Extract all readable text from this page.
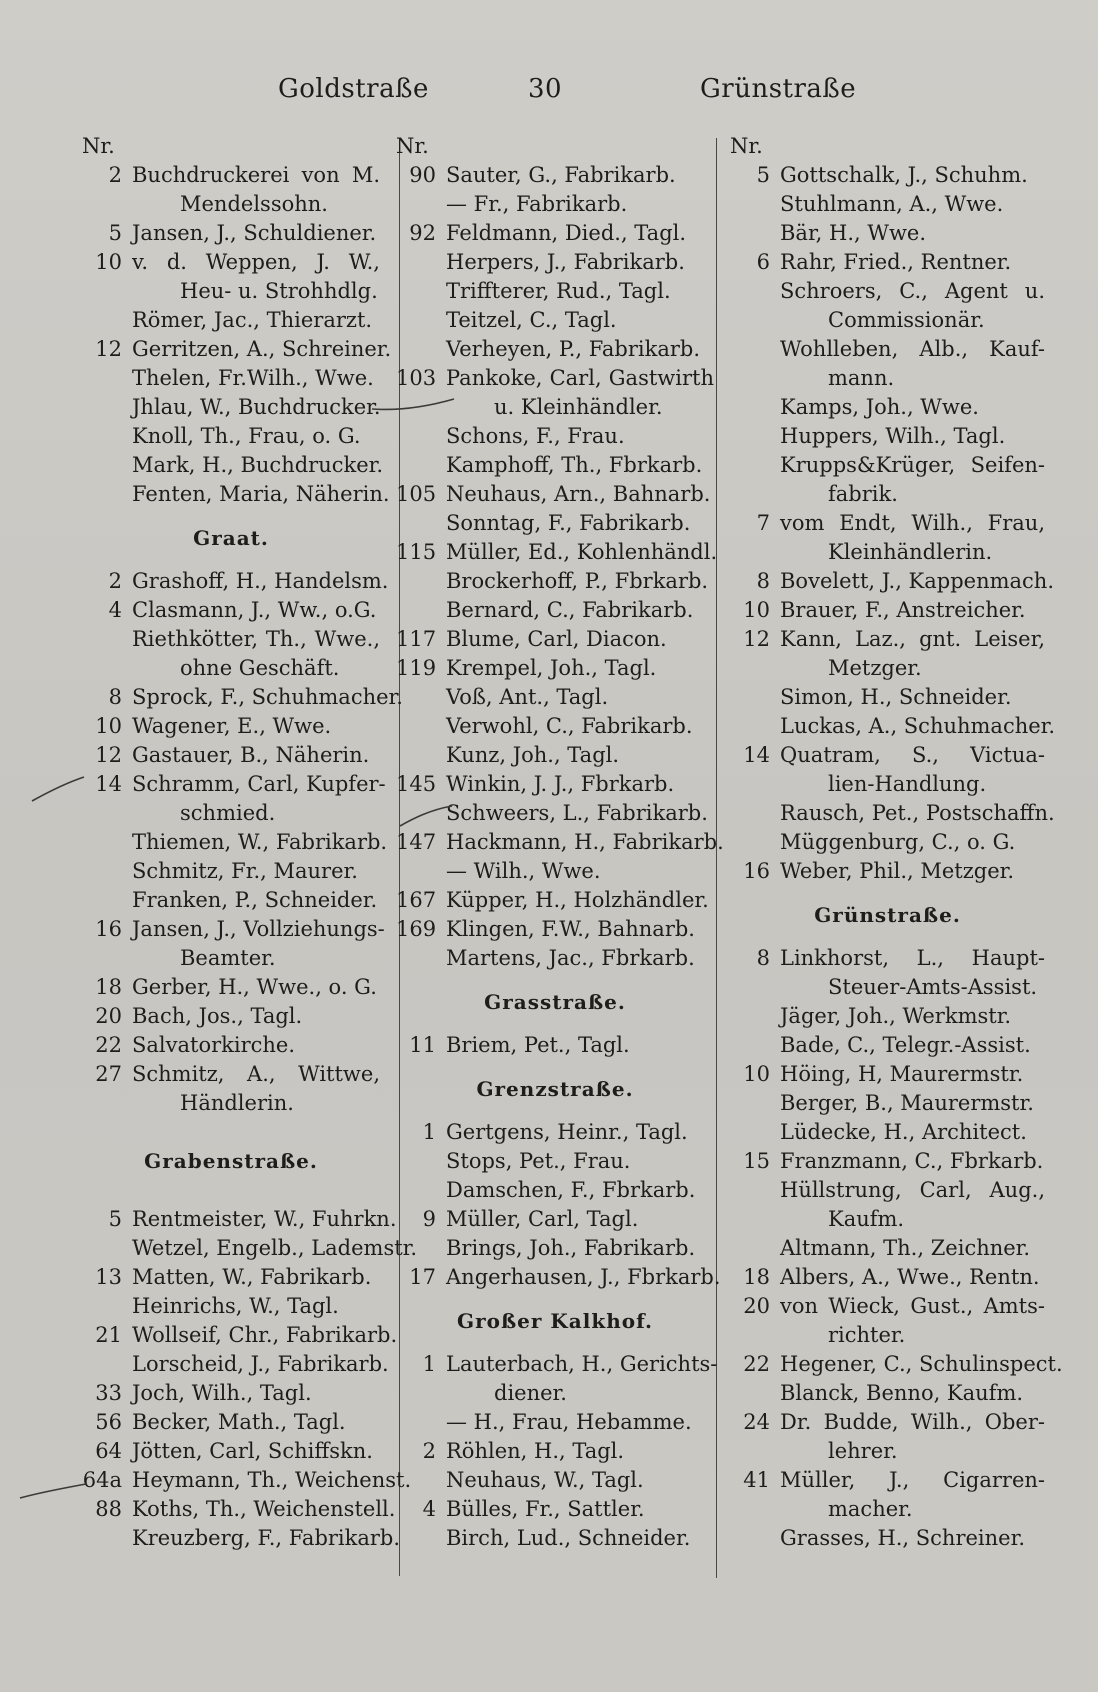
Goldstraße	30	Grünstraße
Nr.
2 Buchdruckerei von M.
Mendelssohn.
5 Jansen, J., Schuldiener.
10 v. d. Weppen, J. W.,
Heu- u. Strohhdlg.
Römer, Jac., Thierarzt.
12 Gerritzen, A., Schreiner.
Thelen, Fr.Wilh., Wwe.
Jhlau, W., Buchdrucker.
Knoll, Th., Frau, o. G.
Mark, H., Buchdrucker.
Fenten, Maria, Näherin.
Graat.
2 Grashoff, H., Handelsm.
4 Clasmann, J., Ww., o.G.
Riethkötter, Th., Wwe.,
ohne Geschäft.
8 Sprock, F., Schuhmacher.
10 Wagener, E., Wwe.
12 Gastauer, B., Näherin.
14 Schramm, Carl, Kupfer-
schmied.
Thiemen, W., Fabrikarb.
Schmitz, Fr., Maurer.
Franken, P., Schneider.
16 Jansen, J., Vollziehungs-
Beamter.
18 Gerber, H., Wwe., o. G.
20 Bach, Jos., Tagl.
22 Salvatorkirche.
27 Schmitz, A., Wittwe,
Händlerin.
Grabenstraße.
5 Rentmeister, W., Fuhrkn.
Wetzel, Engelb., Lademstr.
13 Matten, W., Fabrikarb.
Heinrichs, W., Tagl.
21 Wollseif, Chr., Fabrikarb.
Lorscheid, J., Fabrikarb.
33 Joch, Wilh., Tagl.
56 Becker, Math., Tagl.
64 Jötten, Carl, Schiffskn.
64a Heymann, Th., Weichenst.
88 Koths, Th., Weichenstell.
Kreuzberg, F., Fabrikarb.
Nr.
90 Sauter, G., Fabrikarb.
— Fr., Fabrikarb.
92 Feldmann, Died., Tagl.
Herpers, J., Fabrikarb.
Triffterer, Rud., Tagl.
Teitzel, C., Tagl.
Verheyen, P., Fabrikarb.
103 Pankoke, Carl, Gastwirth
u. Kleinhändler.
Schons, F., Frau.
Kamphoff, Th., Fbrkarb.
105 Neuhaus, Arn., Bahnarb.
Sonntag, F., Fabrikarb.
115 Müller, Ed., Kohlenhändl.
Brockerhoff, P., Fbrkarb.
Bernard, C., Fabrikarb.
117 Blume, Carl, Diacon.
119 Krempel, Joh., Tagl.
Voß, Ant., Tagl.
Verwohl, C., Fabrikarb.
Kunz, Joh., Tagl.
145 Winkin, J. J., Fbrkarb.
Schweers, L., Fabrikarb.
147 Hackmann, H., Fabrikarb.
— Wilh., Wwe.
167 Küpper, H., Holzhändler.
169 Klingen, F.W., Bahnarb.
Martens, Jac., Fbrkarb.
Grasstraße.
11 Briem, Pet., Tagl.
Grenzstraße.
1 Gertgens, Heinr., Tagl.
Stops, Pet., Frau.
Damschen, F., Fbrkarb.
9 Müller, Carl, Tagl.
Brings, Joh., Fabrikarb.
17 Angerhausen, J., Fbrkarb.
Großer Kalkhof.
1 Lauterbach, H., Gerichts-
diener.
— H., Frau, Hebamme.
2 Röhlen, H., Tagl.
Neuhaus, W., Tagl.
4 Bülles, Fr., Sattler.
Birch, Lud., Schneider.
Nr.
5 Gottschalk, J., Schuhm.
Stuhlmann, A., Wwe.
Bär, H., Wwe.
6 Rahr, Fried., Rentner.
Schroers, C., Agent u.
Commissionär.
Wohlleben, Alb., Kauf-
mann.
Kamps, Joh., Wwe.
Huppers, Wilh., Tagl.
Krupps&Krüger, Seifen-
fabrik.
7 vom Endt, Wilh., Frau,
Kleinhändlerin.
8 Bovelett, J., Kappenmach.
10 Brauer, F., Anstreicher.
12 Kann, Laz., gnt. Leiser,
Metzger.
Simon, H., Schneider.
Luckas, A., Schuhmacher.
14 Quatram, S., Victua-
lien-Handlung.
Rausch, Pet., Postschaffn.
Müggenburg, C., o. G.
16 Weber, Phil., Metzger.
Grünstraße.
8 Linkhorst, L., Haupt-
Steuer-Amts-Assist.
Jäger, Joh., Werkmstr.
Bade, C., Telegr.-Assist.
10 Höing, H, Maurermstr.
Berger, B., Maurermstr.
Lüdecke, H., Architect.
15 Franzmann, C., Fbrkarb.
Hüllstrung, Carl, Aug.,
Kaufm.
Altmann, Th., Zeichner.
18 Albers, A., Wwe., Rentn.
20 von Wieck, Gust., Amts-
richter.
22 Hegener, C., Schulinspect.
Blanck, Benno, Kaufm.
24 Dr. Budde, Wilh., Ober-
lehrer.
41 Müller, J., Cigarren-
macher.
Grasses, H., Schreiner.
